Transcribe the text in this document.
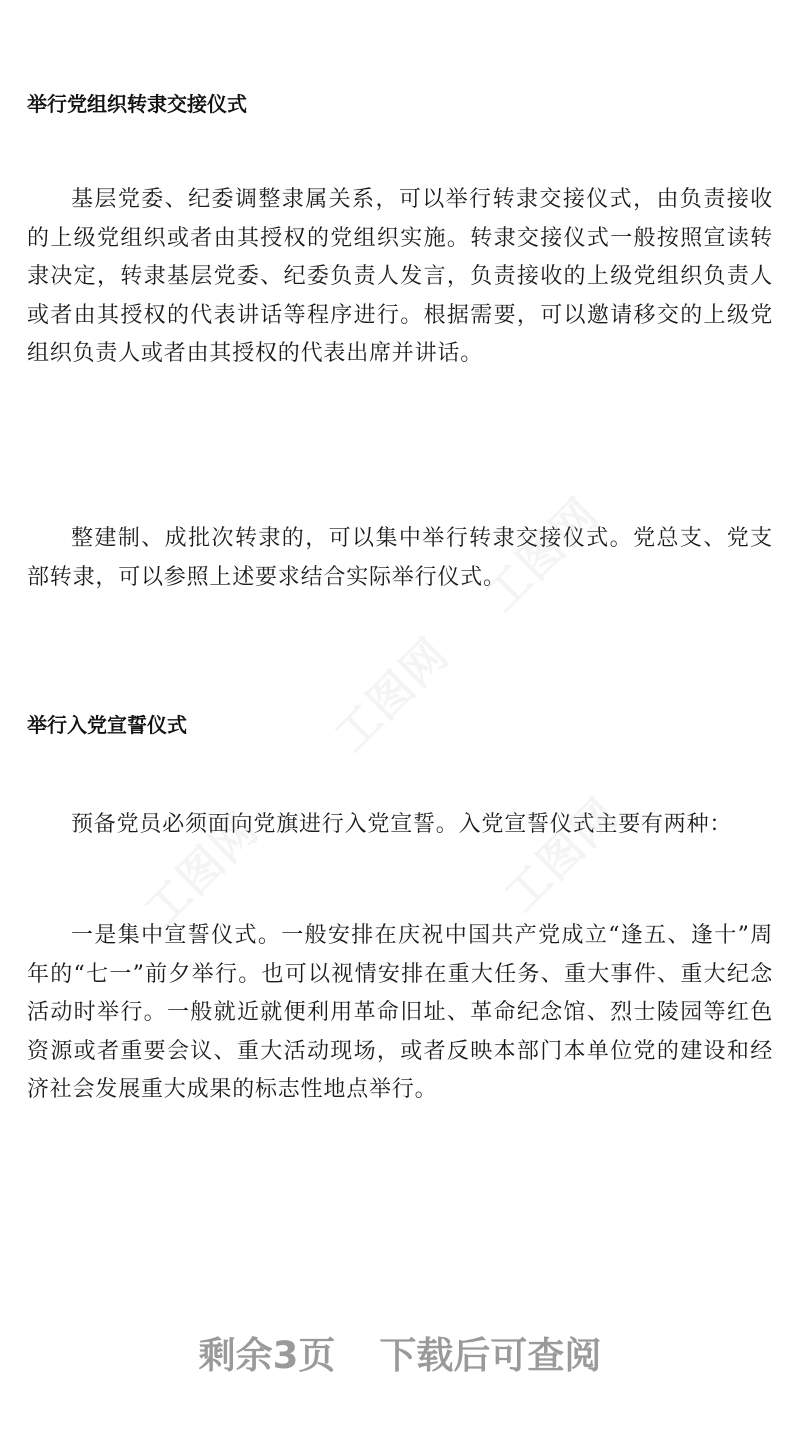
举行党组织转隶交接仪式

基层党委、纪委调整隶属关系，可以举行转隶交接仪式，由负责接收的上级党组织或者由其授权的党组织实施。转隶交接仪式一般按照宣读转隶决定，转隶基层党委、纪委负责人发言，负责接收的上级党组织负责人或者由其授权的代表讲话等程序进行。根据需要，可以邀请移交的上级党组织负责人或者由其授权的代表出席并讲话。

整建制、成批次转隶的，可以集中举行转隶交接仪式。党总支、党支部转隶，可以参照上述要求结合实际举行仪式。

举行入党宣誓仪式

预备党员必须面向党旗进行入党宣誓。入党宣誓仪式主要有两种：

一是集中宣誓仪式。一般安排在庆祝中国共产党成立“逢五、逢十”周年的“七一”前夕举行。也可以视情安排在重大任务、重大事件、重大纪念活动时举行。一般就近就便利用革命旧址、革命纪念馆、烈士陵园等红色资源或者重要会议、重大活动现场，或者反映本部门本单位党的建设和经济社会发展重大成果的标志性地点举行。

工图网
工图网
工图网	工图网
剩余3页 下载后可查阅
